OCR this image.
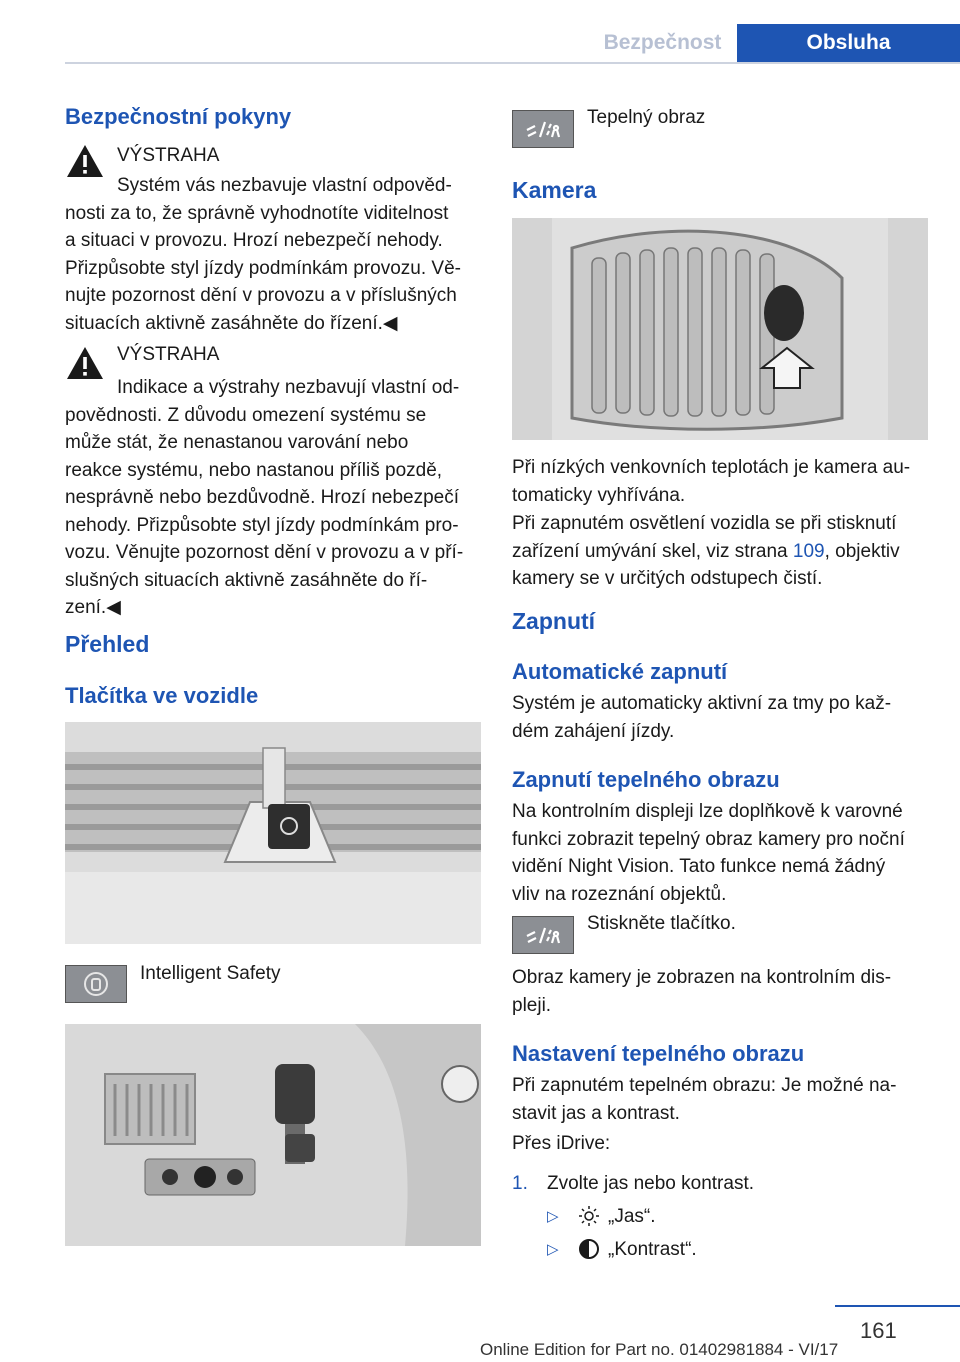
Bezpečnost	Obsluha
Bezpečnostní pokyny
VÝSTRAHA
Systém vás nezbavuje vlastní odpověd‐
nosti za to, že správně vyhodnotíte viditelnost
a situaci v provozu. Hrozí nebezpečí nehody.
Přizpůsobte styl jízdy podmínkám provozu. Vě‐
nujte pozornost dění v provozu a v příslušných
situacích aktivně zasáhněte do řízení.◀
VÝSTRAHA
Indikace a výstrahy nezbavují vlastní od‐
povědnosti. Z důvodu omezení systému se
může stát, že nenastanou varování nebo
reakce systému, nebo nastanou příliš pozdě,
nesprávně nebo bezdůvodně. Hrozí nebezpečí
nehody. Přizpůsobte styl jízdy podmínkám pro‐
vozu. Věnujte pozornost dění v provozu a v pří‐
slušných situacích aktivně zasáhněte do ří‐
zení.◀
Přehled
Tlačítka ve vozidle
Intelligent Safety
Tepelný obraz
Kamera
Při nízkých venkovních teplotách je kamera au‐
tomaticky vyhřívána.
Při zapnutém osvětlení vozidla se při stisknutí
zařízení umývání skel, viz strana 109, objektiv
kamery se v určitých odstupech čistí.
Zapnutí
Automatické zapnutí
Systém je automaticky aktivní za tmy po kaž‐
dém zahájení jízdy.
Zapnutí tepelného obrazu
Na kontrolním displeji lze doplňkově k varovné
funkci zobrazit tepelný obraz kamery pro noční
vidění Night Vision. Tato funkce nemá žádný
vliv na rozeznání objektů.
Stiskněte tlačítko.
Obraz kamery je zobrazen na kontrolním dis‐
pleji.
Nastavení tepelného obrazu
Při zapnutém tepelném obrazu: Je možné na‐
stavit jas a kontrast.
Přes iDrive:
1. Zvolte jas nebo kontrast.
▷	„Jas“.
▷	„Kontrast“.
161
Online Edition for Part no. 01402981884 - VI/17
